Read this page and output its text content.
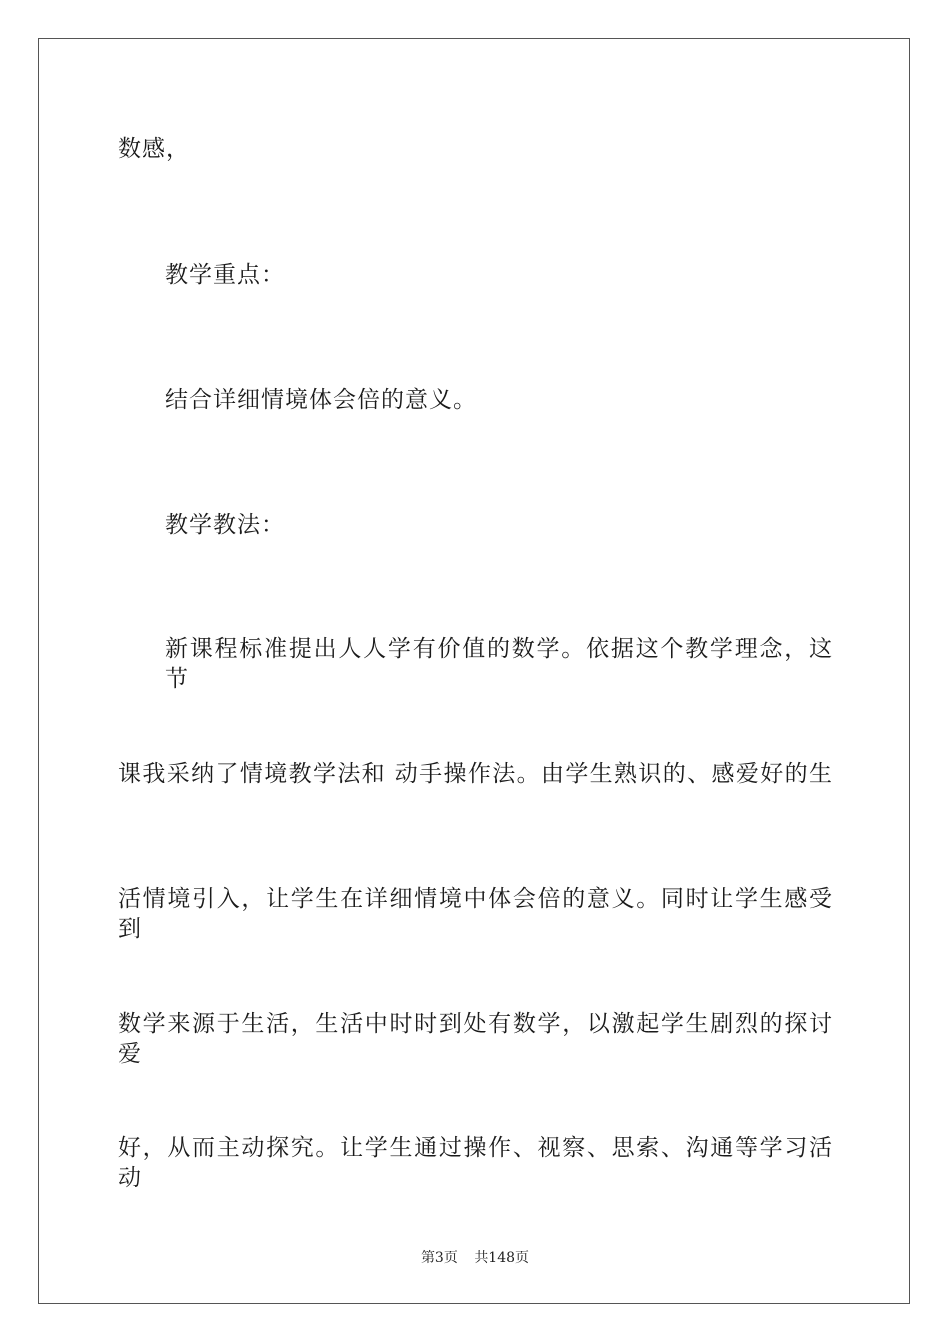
数感，
教学重点：
结合详细情境体会倍的意义。
教学教法：
新课程标准提出人人学有价值的数学。依据这个教学理念，这节
课我采纳了情境教学法和 动手操作法。由学生熟识的、感爱好的生
活情境引入，让学生在详细情境中体会倍的意义。同时让学生感受到
数学来源于生活，生活中时时到处有数学，以激起学生剧烈的探讨爱
好，从而主动探究。让学生通过操作、视察、思索、沟通等学习活动
第3页 共148页
